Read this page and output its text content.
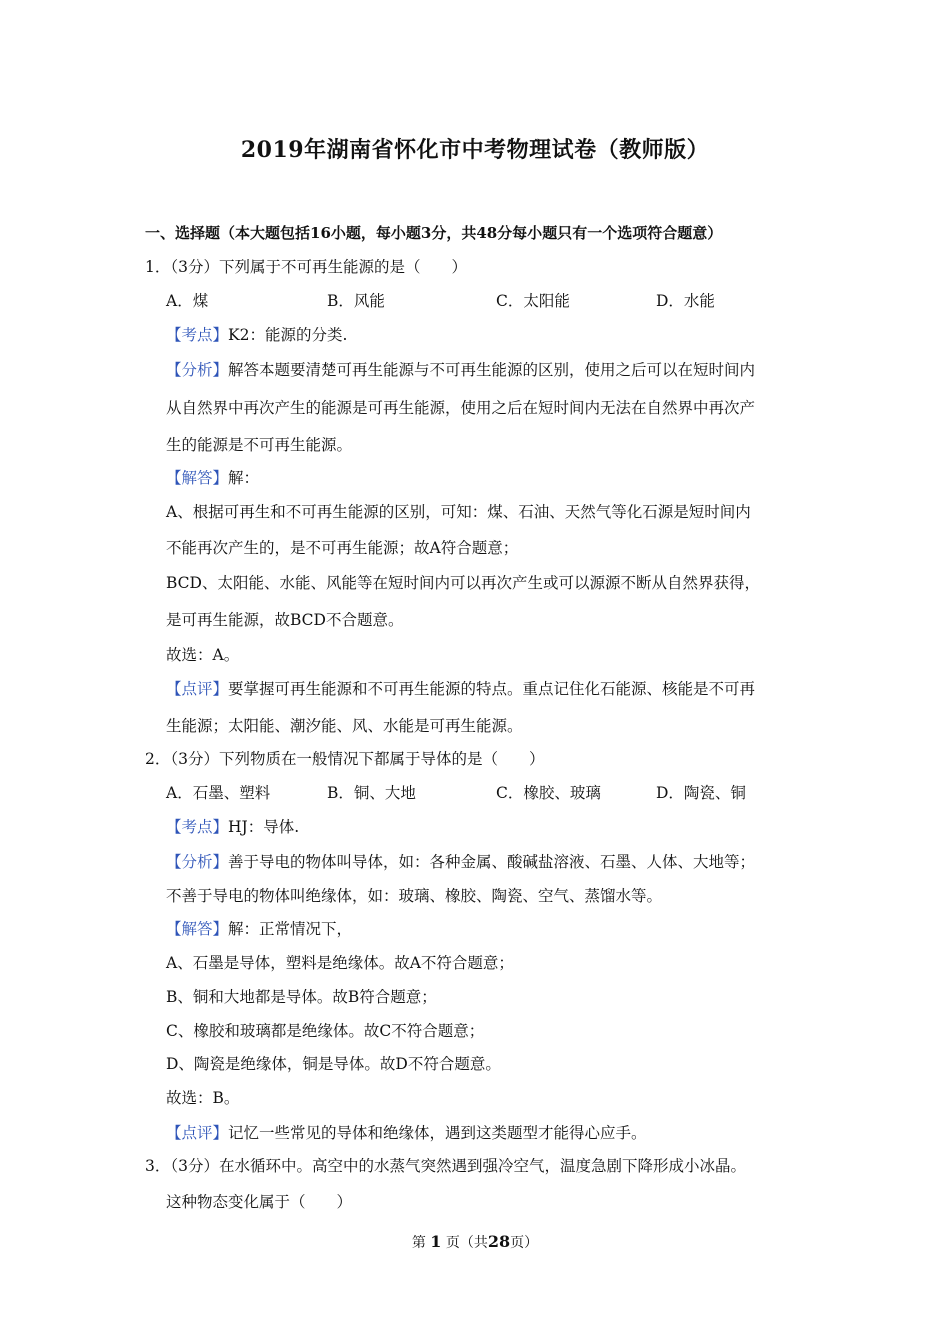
2019年湖南省怀化市中考物理试卷（教师版）
一、选择题（本大题包括16小题，每小题3分，共48分每小题只有一个选项符合题意）
1．（3分）下列属于不可再生能源的是（　　）
A．煤	B．风能	C．太阳能	D．水能
【考点】K2：能源的分类.
【分析】解答本题要清楚可再生能源与不可再生能源的区别，使用之后可以在短时间内
从自然界中再次产生的能源是可再生能源，使用之后在短时间内无法在自然界中再次产
生的能源是不可再生能源。
【解答】解：
A、根据可再生和不可再生能源的区别，可知：煤、石油、天然气等化石源是短时间内
不能再次产生的，是不可再生能源；故A符合题意；
BCD、太阳能、水能、风能等在短时间内可以再次产生或可以源源不断从自然界获得，
是可再生能源，故BCD不合题意。
故选：A。
【点评】要掌握可再生能源和不可再生能源的特点。重点记住化石能源、核能是不可再
生能源；太阳能、潮汐能、风、水能是可再生能源。
2．（3分）下列物质在一般情况下都属于导体的是（　　）
A．石墨、塑料	B．铜、大地	C．橡胶、玻璃	D．陶瓷、铜
【考点】HJ：导体.
【分析】善于导电的物体叫导体，如：各种金属、酸碱盐溶液、石墨、人体、大地等；
不善于导电的物体叫绝缘体，如：玻璃、橡胶、陶瓷、空气、蒸馏水等。
【解答】解：正常情况下，
A、石墨是导体，塑料是绝缘体。故A不符合题意；
B、铜和大地都是导体。故B符合题意；
C、橡胶和玻璃都是绝缘体。故C不符合题意；
D、陶瓷是绝缘体，铜是导体。故D不符合题意。
故选：B。
【点评】记忆一些常见的导体和绝缘体，遇到这类题型才能得心应手。
3．（3分）在水循环中。高空中的水蒸气突然遇到强冷空气，温度急剧下降形成小冰晶。
这种物态变化属于（　　）
第 1 页（共28页）
